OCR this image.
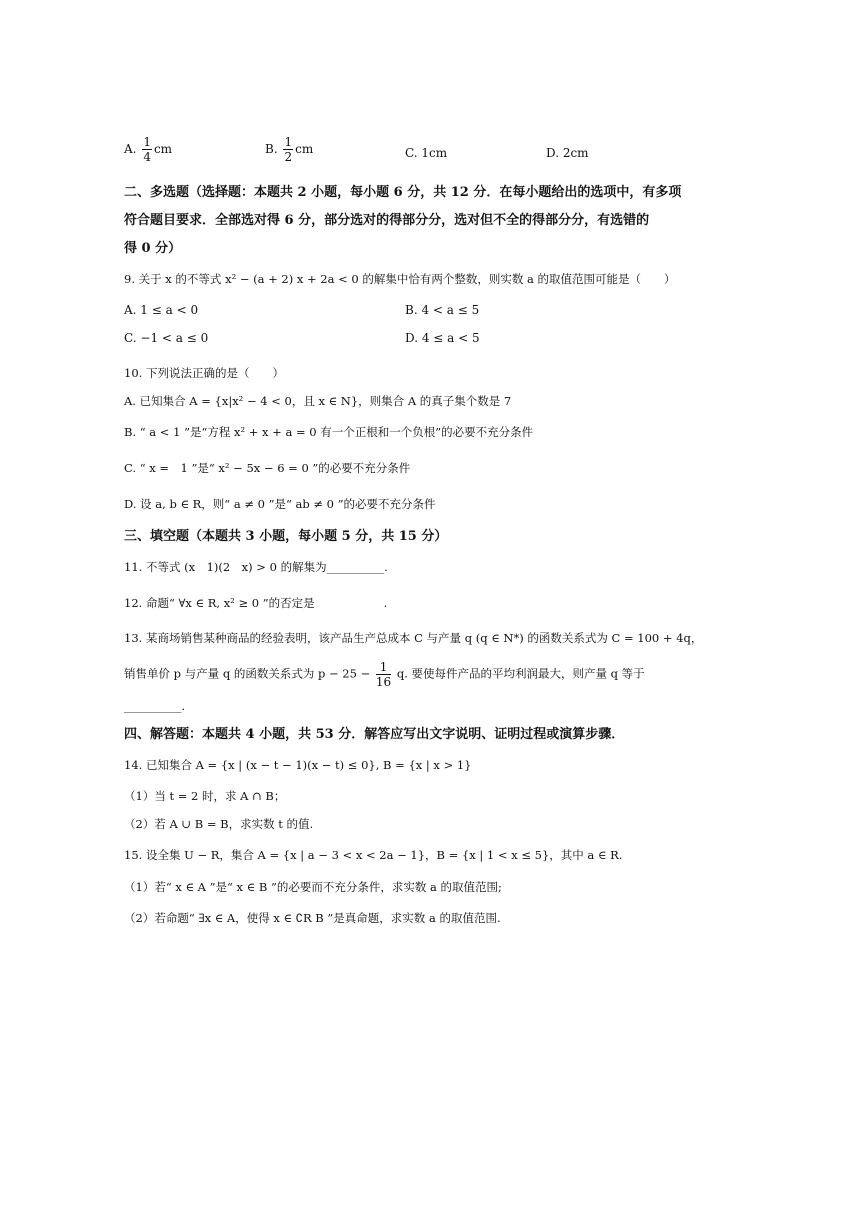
A. $\frac{1}{4}$ cm	B. $\frac{1}{2}$ cm	C. 1cm	D. 2cm
二、多选题（选择题：本题共 2 小题，每小题 6 分，共 12 分．在每小题给出的选项中，有多项
符合题目要求．全部选对得 6 分，部分选对的得部分分，选对但不全的得部分分，有选错的
得 0 分）
9. 关于 x 的不等式 x² − (a + 2) x + 2a < 0 的解集中恰有两个整数，则实数 a 的取值范围可能是（　　）
A. 1 ≤ a < 0	B. 4 < a ≤ 5
C. −1 < a ≤ 0	D. 4 ≤ a < 5
10. 下列说法正确的是（　　）
A. 已知集合 A = {x|x² − 4 < 0，且 x ∈ N}，则集合 A 的真子集个数是 7
B. “ a < 1 ”是“方程 x² + x + a = 0 有一个正根和一个负根”的必要不充分条件
C. “ x =　1 ”是“ x² − 5x − 6 = 0 ”的必要不充分条件
D. 设 a, b ∈ R，则“ a ≠ 0 ”是“ ab ≠ 0 ”的必要不充分条件
三、填空题（本题共 3 小题，每小题 5 分，共 15 分）
11. 不等式 (x　1)(2　x) > 0 的解集为__________.
12. 命题“ ∀x ∈ R, x² ≥ 0 ”的否定是　　　　　　.
13. 某商场销售某种商品的经验表明，该产品生产总成本 C 与产量 q (q ∈ N*) 的函数关系式为 C = 100 + 4q，
销售单价 p 与产量 q 的函数关系式为 $p - 25 - \frac{1}{16} q$. 要使每件产品的平均利润最大，则产量 q 等于
__________.
四、解答题：本题共 4 小题，共 53 分．解答应写出文字说明、证明过程或演算步骤．
14. 已知集合 A = {x | (x − t − 1)(x − t) ≤ 0}, B = {x | x > 1}
（1）当 t = 2 时，求 A ∩ B；
（2）若 A ∪ B = B，求实数 t 的值.
15. 设全集 U − R，集合 A = {x | a − 3 < x < 2a − 1}，B = {x | 1 < x ≤ 5}，其中 a ∈ R.
（1）若“ x ∈ A ”是“ x ∈ B ”的必要而不充分条件，求实数 a 的取值范围;
（2）若命题“ ∃x ∈ A，使得 x ∈ ∁R B ”是真命题，求实数 a 的取值范围.
